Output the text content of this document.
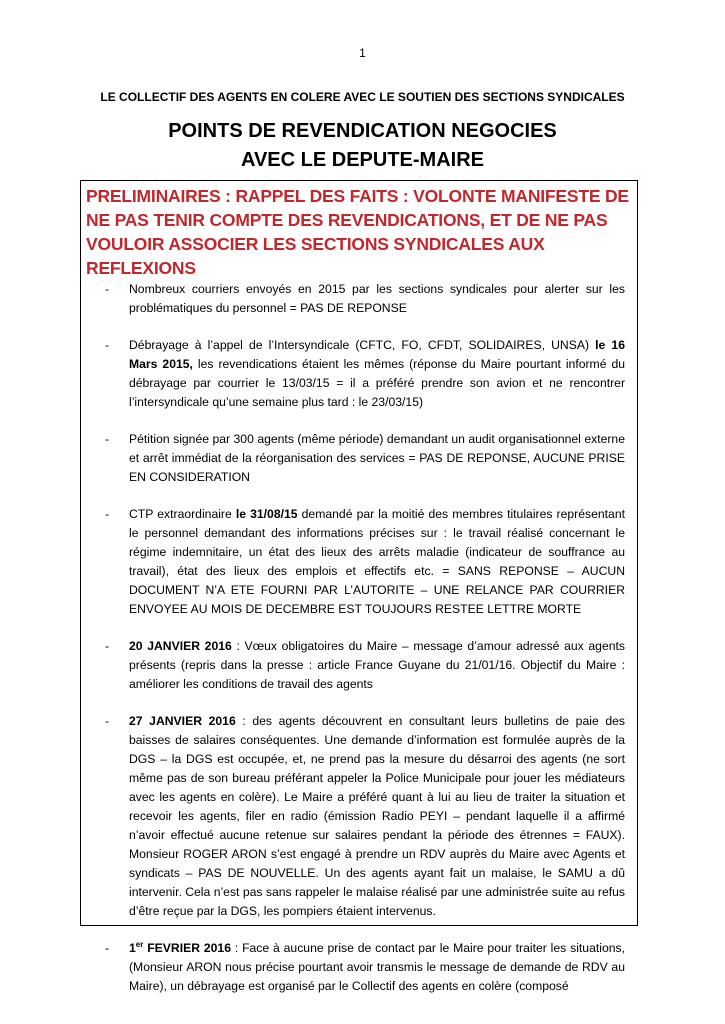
1
LE COLLECTIF DES AGENTS EN COLERE AVEC LE SOUTIEN DES SECTIONS SYNDICALES
POINTS DE REVENDICATION NEGOCIES
AVEC LE DEPUTE-MAIRE
PRELIMINAIRES : RAPPEL DES FAITS : VOLONTE MANIFESTE DE NE PAS TENIR COMPTE DES REVENDICATIONS, ET DE NE PAS VOULOIR ASSOCIER LES SECTIONS SYNDICALES AUX REFLEXIONS
- Nombreux courriers envoyés en 2015 par les sections syndicales pour alerter sur les problématiques du personnel = PAS DE REPONSE
- Débrayage à l’appel de l’Intersyndicale (CFTC, FO, CFDT, SOLIDAIRES, UNSA) le 16 Mars 2015, les revendications étaient les mêmes (réponse du Maire pourtant informé du débrayage par courrier le 13/03/15 = il a préféré prendre son avion et ne rencontrer l’intersyndicale qu’une semaine plus tard : le 23/03/15)
- Pétition signée par 300 agents (même période) demandant un audit organisationnel externe et arrêt immédiat de la réorganisation des services = PAS DE REPONSE, AUCUNE PRISE EN CONSIDERATION
- CTP extraordinaire le 31/08/15 demandé par la moitié des membres titulaires représentant le personnel demandant des informations précises sur : le travail réalisé concernant le régime indemnitaire, un état des lieux des arrêts maladie (indicateur de souffrance au travail), état des lieux des emplois et effectifs etc. = SANS REPONSE – AUCUN DOCUMENT N’A ETE FOURNI PAR L’AUTORITE – UNE RELANCE PAR COURRIER ENVOYEE AU MOIS DE DECEMBRE EST TOUJOURS RESTEE LETTRE MORTE
- 20 JANVIER 2016 : Vœux obligatoires du Maire – message d’amour adressé aux agents présents (repris dans la presse : article France Guyane du 21/01/16. Objectif du Maire : améliorer les conditions de travail des agents
- 27 JANVIER 2016 : des agents découvrent en consultant leurs bulletins de paie des baisses de salaires conséquentes. Une demande d’information est formulée auprès de la DGS – la DGS est occupée, et, ne prend pas la mesure du désarroi des agents (ne sort même pas de son bureau préférant appeler la Police Municipale pour jouer les médiateurs avec les agents en colère). Le Maire a préféré quant à lui au lieu de traiter la situation et recevoir les agents, filer en radio (émission Radio PEYI – pendant laquelle il a affirmé n’avoir effectué aucune retenue sur salaires pendant la période des étrennes = FAUX). Monsieur ROGER ARON s’est engagé à prendre un RDV auprès du Maire avec Agents et syndicats – PAS DE NOUVELLE. Un des agents ayant fait un malaise, le SAMU a dû intervenir. Cela n’est pas sans rappeler le malaise réalisé par une administrée suite au refus d’être reçue par la DGS, les pompiers étaient intervenus.
- 1er FEVRIER 2016 : Face à aucune prise de contact par le Maire pour traiter les situations, (Monsieur ARON nous précise pourtant avoir transmis le message de demande de RDV au Maire), un débrayage est organisé par le Collectif des agents en colère (composé
